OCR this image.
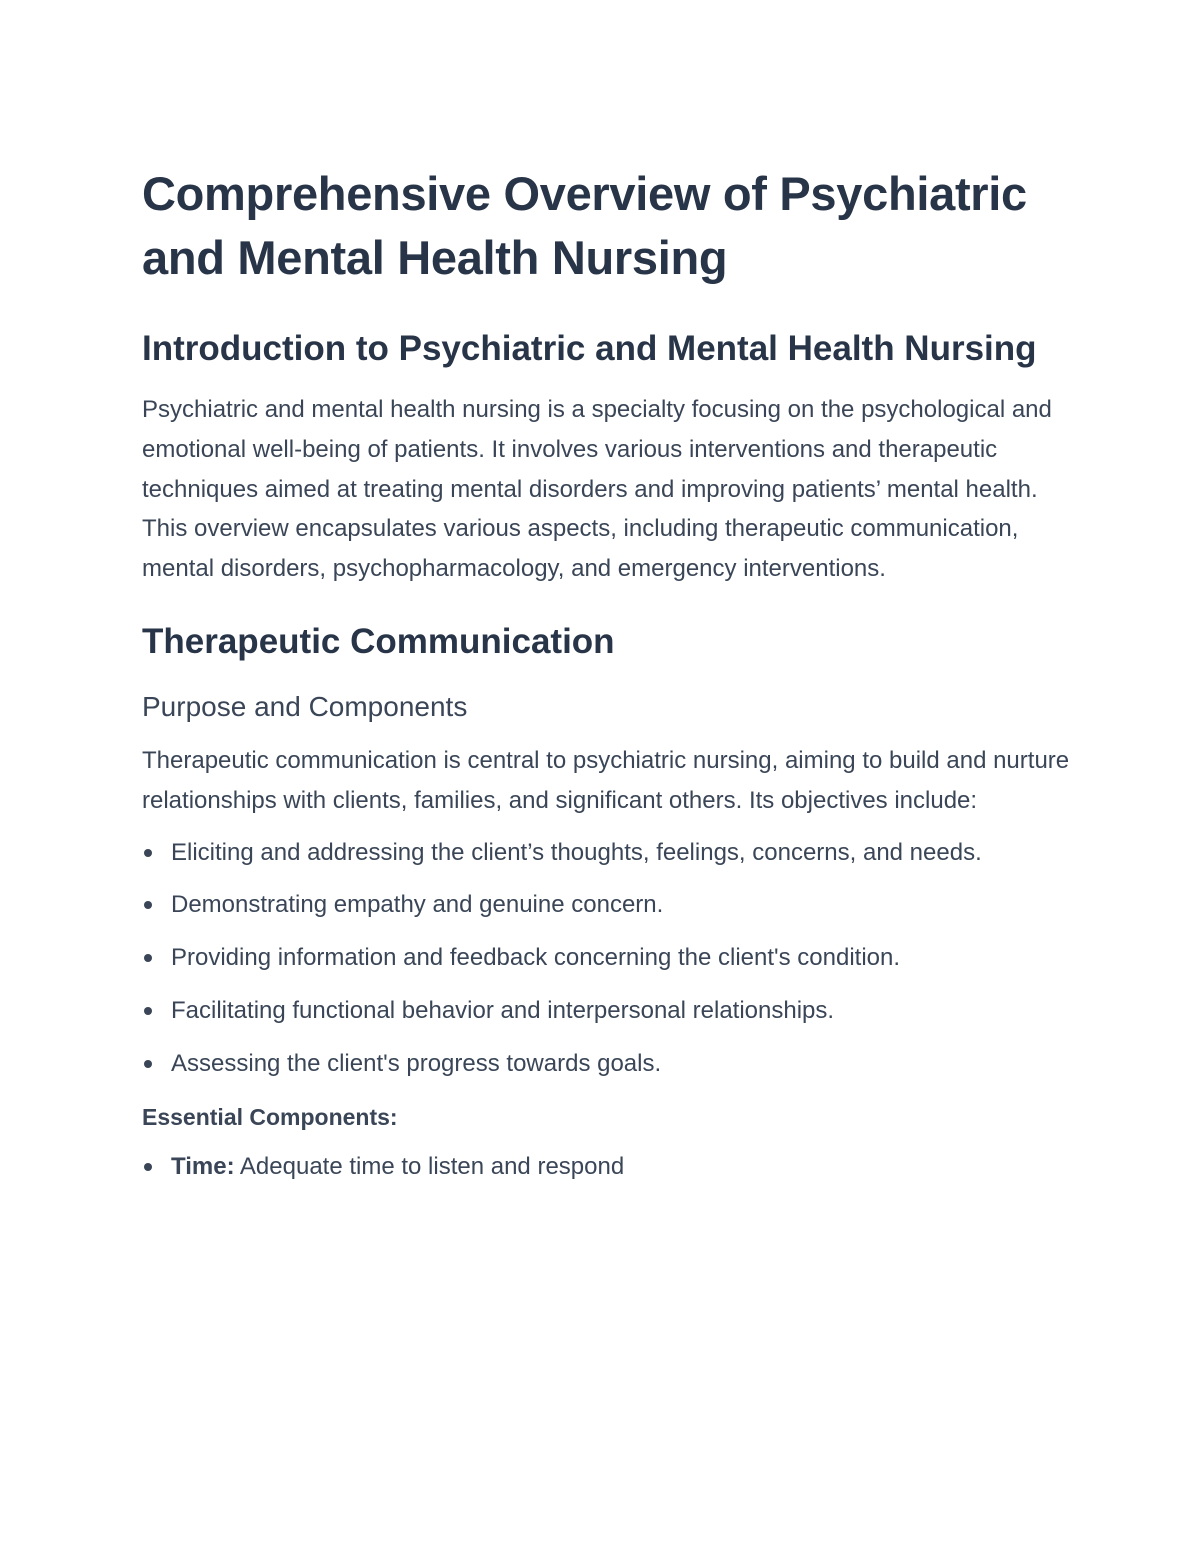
Comprehensive Overview of Psychiatric and Mental Health Nursing
Introduction to Psychiatric and Mental Health Nursing

Psychiatric and mental health nursing is a specialty focusing on the psychological and emotional well-being of patients. It involves various interventions and therapeutic techniques aimed at treating mental disorders and improving patients’ mental health. This overview encapsulates various aspects, including therapeutic communication, mental disorders, psychopharmacology, and emergency interventions.

Therapeutic Communication
Purpose and Components

Therapeutic communication is central to psychiatric nursing, aiming to build and nurture relationships with clients, families, and significant others. Its objectives include:

Eliciting and addressing the client’s thoughts, feelings, concerns, and needs.
Demonstrating empathy and genuine concern.
Providing information and feedback concerning the client's condition.
Facilitating functional behavior and interpersonal relationships.
Assessing the client's progress towards goals.

Essential Components:

Time: Adequate time to listen and respond
